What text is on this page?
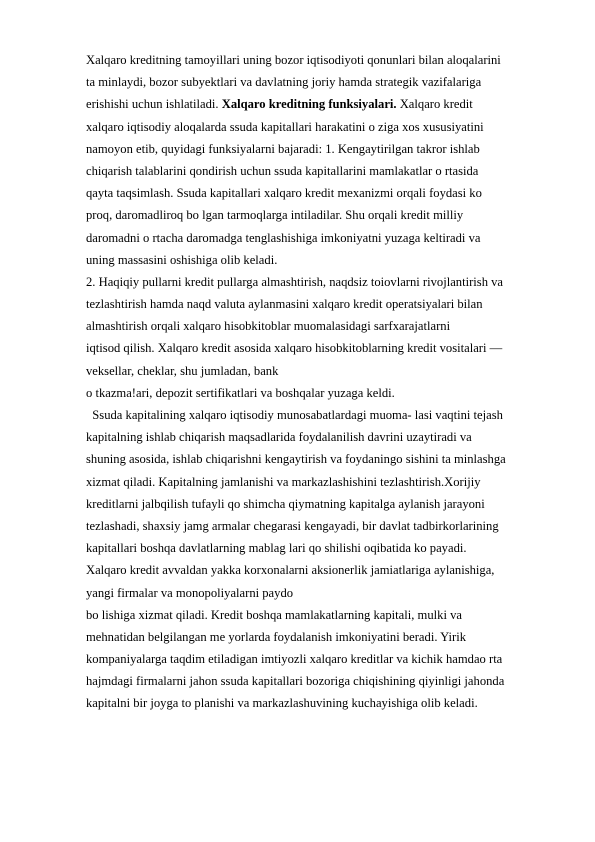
Xalqaro kreditning tamoyillari uning bozor iqtisodiyoti qonunlari bilan aloqalarini
ta minlaydi, bozor subyektlari va davlatning joriy hamda strategik vazifalariga
erishishi uchun ishlatiladi. Xalqaro kreditning funksiyalari. Xalqaro kredit
xalqaro iqtisodiy aloqalarda ssuda kapitallari harakatini o ziga xos xususiyatini
namoyon etib, quyidagi funksiyalarni bajaradi: 1. Kengaytirilgan takror ishlab
chiqarish talablarini qondirish uchun ssuda kapitallarini mamlakatlar o rtasida
qayta taqsimlash. Ssuda kapitallari xalqaro kredit mexanizmi orqali foydasi ko
proq, daromadliroq bo lgan tarmoqlarga intiladilar. Shu orqali kredit milliy
daromadni o rtacha daromadga tenglashishiga imkoniyatni yuzaga keltiradi va
uning massasini oshishiga olib keladi.
2. Haqiqiy pullarni kredit pullarga almashtirish, naqdsiz toiovlarni rivojlantirish va
tezlashtirish hamda naqd valuta aylanmasini xalqaro kredit operatsiyalari bilan
almashtirish orqali xalqaro hisobkitoblar muomalasidagi sarfxarajatlarni
iqtisod qilish. Xalqaro kredit asosida xalqaro hisobkitoblarning kredit vositalari —
veksellar, cheklar, shu jumladan, bank
o tkazma!ari, depozit sertifikatlari va boshqalar yuzaga keldi.
Ssuda kapitalining xalqaro iqtisodiy munosabatlardagi muoma- lasi vaqtini tejash
kapitalning ishlab chiqarish maqsadlarida foydalanilish davrini uzaytiradi va
shuning asosida, ishlab chiqarishni kengaytirish va foydaningo sishini ta minlashga
xizmat qiladi. Kapitalning jamlanishi va markazlashishini tezlashtirish.Xorijiy
kreditlarni jalbqilish tufayli qo shimcha qiymatning kapitalga aylanish jarayoni
tezlashadi, shaxsiy jamg armalar chegarasi kengayadi, bir davlat tadbirkorlarining
kapitallari boshqa davlatlarning mablag lari qo shilishi oqibatida ko payadi.
Xalqaro kredit avvaldan yakka korxonalarni aksionerlik jamiatlariga aylanishiga,
yangi firmalar va monopoliyalarni paydo
bo lishiga xizmat qiladi. Kredit boshqa mamlakatlarning kapitali, mulki va
mehnatidan belgilangan me yorlarda foydalanish imkoniyatini beradi. Yirik
kompaniyalarga taqdim etiladigan imtiyozli xalqaro kreditlar va kichik hamdao rta
hajmdagi firmalarni jahon ssuda kapitallari bozoriga chiqishining qiyinligi jahonda
kapitalni bir joyga to planishi va markazlashuvining kuchayishiga olib keladi.
